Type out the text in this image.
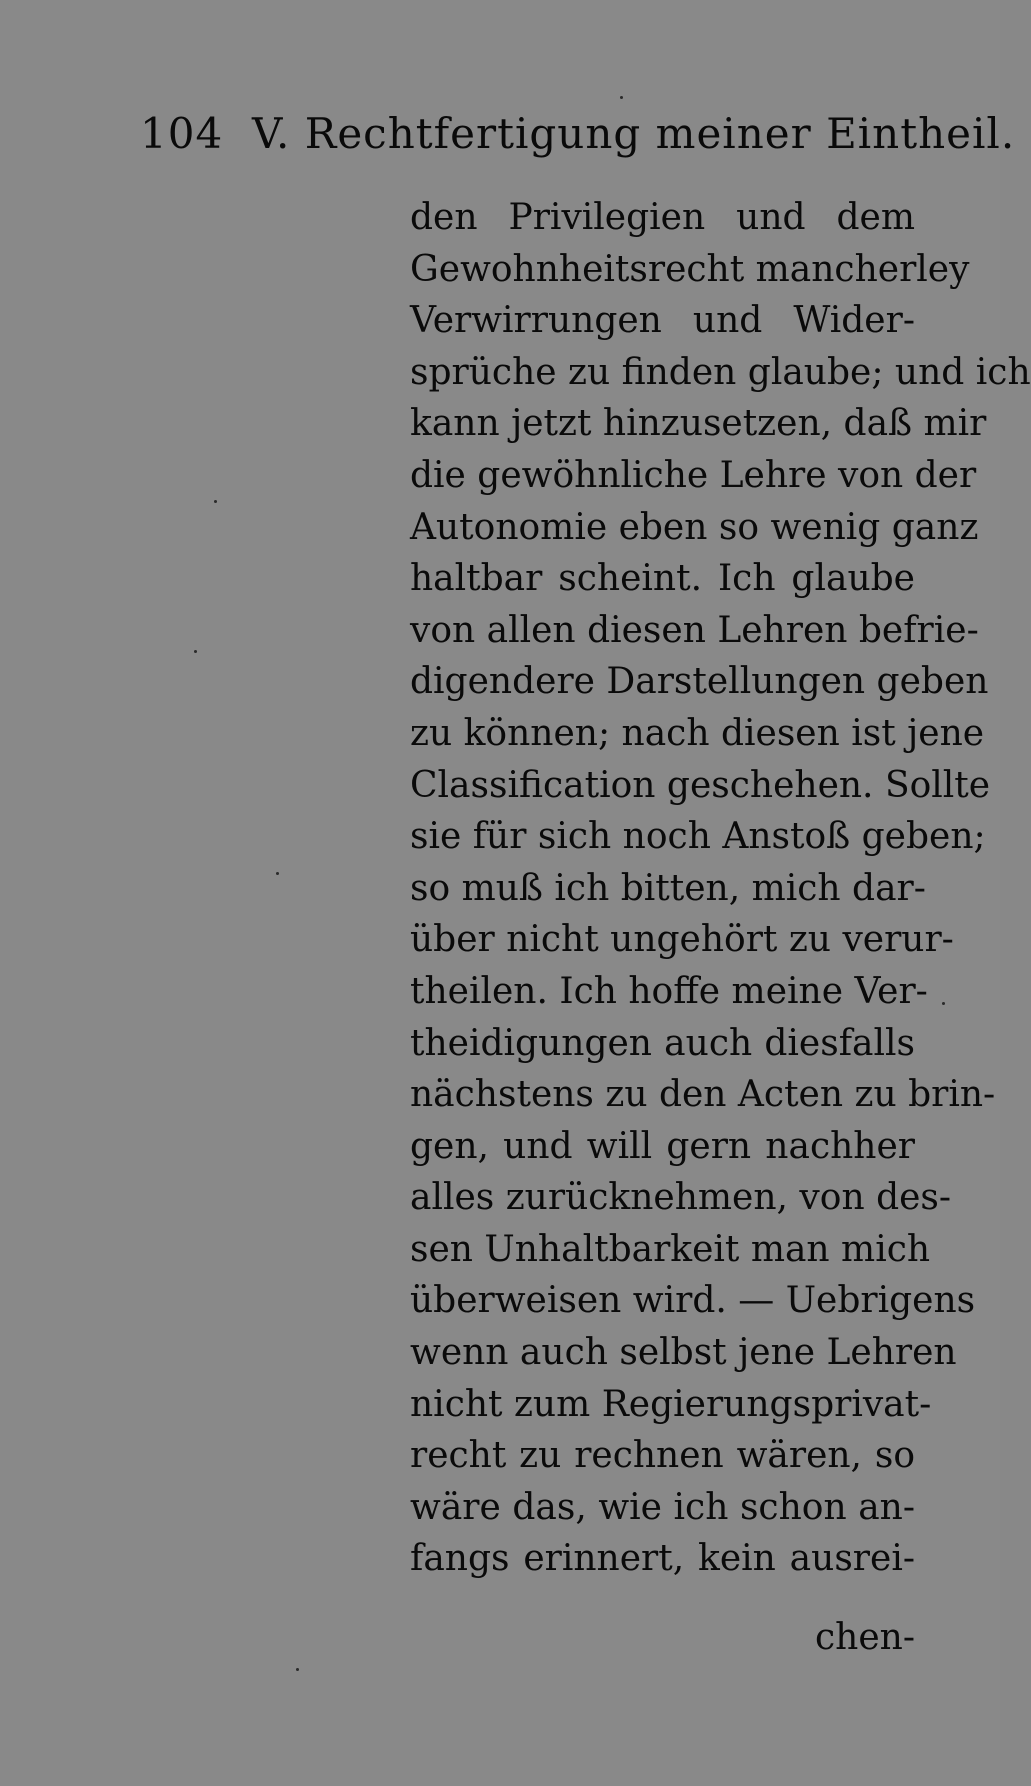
104 V. Rechtfertigung meiner Eintheil.
den Privilegien und dem
Gewohnheitsrecht mancherley
Verwirrungen und Wider-
sprüche zu finden glaube; und ich
kann jetzt hinzusetzen, daß mir
die gewöhnliche Lehre von der
Autonomie eben so wenig ganz
haltbar scheint. Ich glaube
von allen diesen Lehren befrie-
digendere Darstellungen geben
zu können; nach diesen ist jene
Classification geschehen. Sollte
sie für sich noch Anstoß geben;
so muß ich bitten, mich dar-
über nicht ungehört zu verur-
theilen. Ich hoffe meine Ver-
theidigungen auch diesfalls
nächstens zu den Acten zu brin-
gen, und will gern nachher
alles zurücknehmen, von des-
sen Unhaltbarkeit man mich
überweisen wird. — Uebrigens
wenn auch selbst jene Lehren
nicht zum Regierungsprivat-
recht zu rechnen wären, so
wäre das, wie ich schon an-
fangs erinnert, kein ausrei-
chen-
